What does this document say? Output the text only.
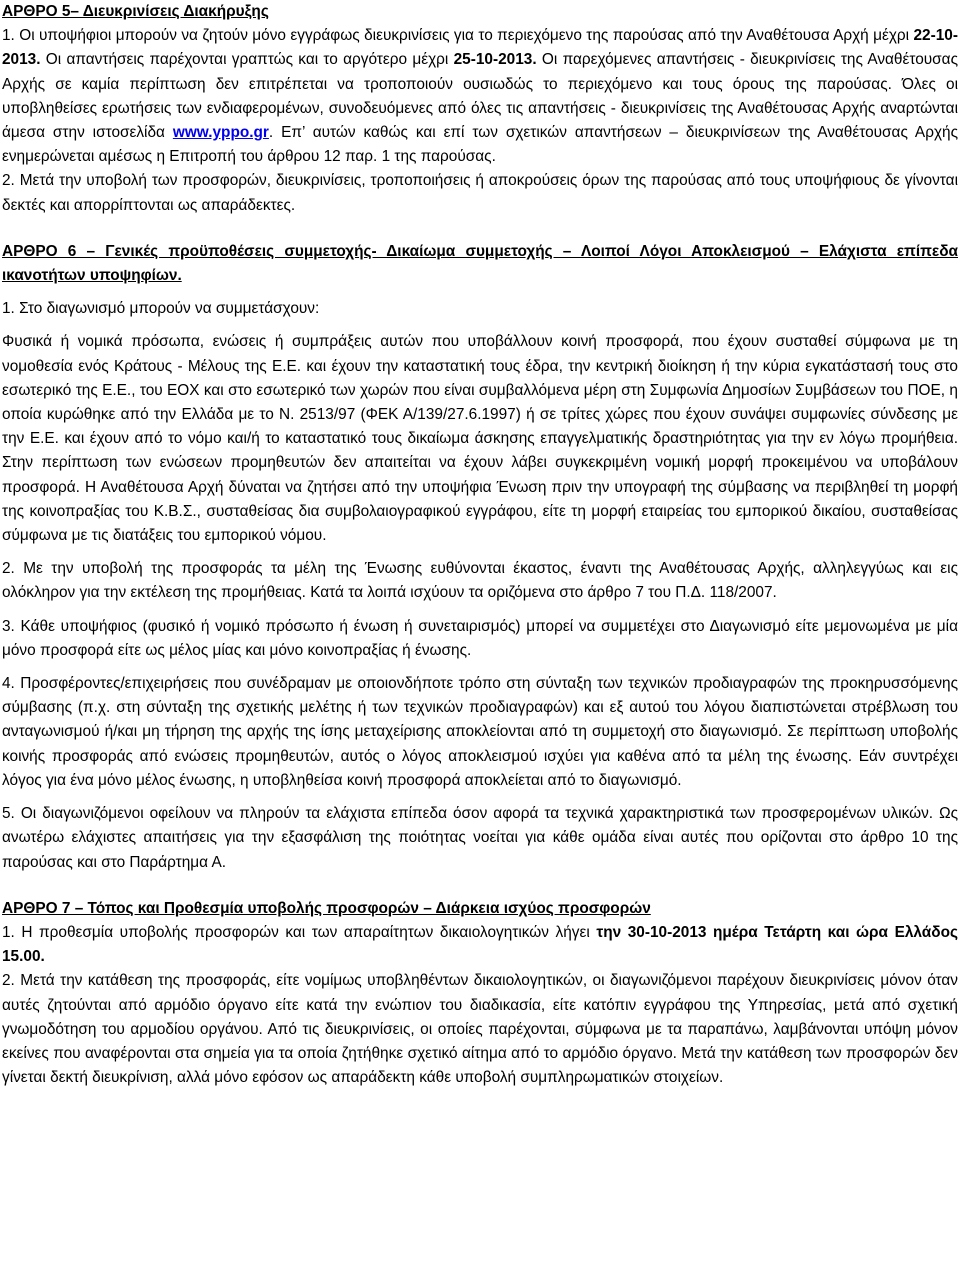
ΑΡΘΡΟ 5– Διευκρινίσεις Διακήρυξης

1. Οι υποψήφιοι μπορούν να ζητούν μόνο εγγράφως διευκρινίσεις για το περιεχόμενο της παρούσας από την Αναθέτουσα Αρχή μέχρι 22-10-2013. Οι απαντήσεις παρέχονται γραπτώς και το αργότερο μέχρι 25-10-2013. Οι παρεχόμενες απαντήσεις - διευκρινίσεις της Αναθέτουσας Αρχής σε καμία περίπτωση δεν επιτρέπεται να τροποποιούν ουσιωδώς το περιεχόμενο και τους όρους της παρούσας. Όλες οι υποβληθείσες ερωτήσεις των ενδιαφερομένων, συνοδευόμενες από όλες τις απαντήσεις - διευκρινίσεις της Αναθέτουσας Αρχής αναρτώνται άμεσα στην ιστοσελίδα www.yppo.gr. Επ’ αυτών καθώς και επί των σχετικών απαντήσεων – διευκρινίσεων της Αναθέτουσας Αρχής ενημερώνεται αμέσως η Επιτροπή του άρθρου 12 παρ. 1 της παρούσας.

2. Μετά την υποβολή των προσφορών, διευκρινίσεις, τροποποιήσεις ή αποκρούσεις όρων της παρούσας από τους υποψήφιους δε γίνονται δεκτές και απορρίπτονται ως απαράδεκτες.

ΑΡΘΡΟ 6 – Γενικές προϋποθέσεις συμμετοχής- Δικαίωμα συμμετοχής – Λοιποί Λόγοι Αποκλεισμού – Ελάχιστα επίπεδα ικανοτήτων υποψηφίων.

1. Στο διαγωνισμό μπορούν να συμμετάσχουν:

Φυσικά ή νομικά πρόσωπα, ενώσεις ή συμπράξεις αυτών που υποβάλλουν κοινή προσφορά, που έχουν συσταθεί σύμφωνα με τη νομοθεσία ενός Κράτους - Μέλους της Ε.Ε. και έχουν την καταστατική τους έδρα, την κεντρική διοίκηση ή την κύρια εγκατάστασή τους στο εσωτερικό της Ε.Ε., του ΕΟΧ και στο εσωτερικό των χωρών που είναι συμβαλλόμενα μέρη στη Συμφωνία Δημοσίων Συμβάσεων του ΠΟΕ, η οποία κυρώθηκε από την Ελλάδα με το Ν. 2513/97 (ΦΕΚ Α/139/27.6.1997) ή σε τρίτες χώρες που έχουν συνάψει συμφωνίες σύνδεσης με την Ε.Ε. και έχουν από το νόμο και/ή το καταστατικό τους δικαίωμα άσκησης επαγγελματικής δραστηριότητας για την εν λόγω προμήθεια. Στην περίπτωση των ενώσεων προμηθευτών δεν απαιτείται να έχουν λάβει συγκεκριμένη νομική μορφή προκειμένου να υποβάλουν προσφορά. Η Αναθέτουσα Αρχή δύναται να ζητήσει από την υποψήφια Ένωση πριν την υπογραφή της σύμβασης να περιβληθεί τη μορφή της κοινοπραξίας του Κ.Β.Σ., συσταθείσας δια συμβολαιογραφικού εγγράφου, είτε τη μορφή εταιρείας του εμπορικού δικαίου, συσταθείσας σύμφωνα με τις διατάξεις του εμπορικού νόμου.

2. Με την υποβολή της προσφοράς τα μέλη της Ένωσης ευθύνονται έκαστος, έναντι της Αναθέτουσας Αρχής, αλληλεγγύως και εις ολόκληρον για την εκτέλεση της προμήθειας. Κατά τα λοιπά ισχύουν τα οριζόμενα στο άρθρο 7 του Π.Δ. 118/2007.

3. Κάθε υποψήφιος (φυσικό ή νομικό πρόσωπο ή ένωση ή συνεταιρισμός) μπορεί να συμμετέχει στο Διαγωνισμό είτε μεμονωμένα με μία μόνο προσφορά είτε ως μέλος μίας και μόνο κοινοπραξίας ή ένωσης.

4. Προσφέροντες/επιχειρήσεις που συνέδραμαν με οποιονδήποτε τρόπο στη σύνταξη των τεχνικών προδιαγραφών της προκηρυσσόμενης σύμβασης (π.χ. στη σύνταξη της σχετικής μελέτης ή των τεχνικών προδιαγραφών) και εξ αυτού του λόγου διαπιστώνεται στρέβλωση του ανταγωνισμού ή/και μη τήρηση της αρχής της ίσης μεταχείρισης αποκλείονται από τη συμμετοχή στο διαγωνισμό. Σε περίπτωση υποβολής κοινής προσφοράς από ενώσεις προμηθευτών, αυτός ο λόγος αποκλεισμού ισχύει για καθένα από τα μέλη της ένωσης. Εάν συντρέχει λόγος για ένα μόνο μέλος ένωσης, η υποβληθείσα κοινή προσφορά αποκλείεται από το διαγωνισμό.

5. Οι διαγωνιζόμενοι οφείλουν να πληρούν τα ελάχιστα επίπεδα όσον αφορά τα τεχνικά χαρακτηριστικά των προσφερομένων υλικών. Ως ανωτέρω ελάχιστες απαιτήσεις για την εξασφάλιση της ποιότητας νοείται για κάθε ομάδα είναι αυτές που ορίζονται στο άρθρο 10 της παρούσας και στο Παράρτημα Α.

ΑΡΘΡΟ 7 – Τόπος και Προθεσμία υποβολής προσφορών – Διάρκεια ισχύος προσφορών

1. Η προθεσμία υποβολής προσφορών και των απαραίτητων δικαιολογητικών λήγει την 30-10-2013 ημέρα Τετάρτη και ώρα Ελλάδος 15.00.

2. Μετά την κατάθεση της προσφοράς, είτε νομίμως υποβληθέντων δικαιολογητικών, οι διαγωνιζόμενοι παρέχουν διευκρινίσεις μόνον όταν αυτές ζητούνται από αρμόδιο όργανο είτε κατά την ενώπιον του διαδικασία, είτε κατόπιν εγγράφου της Υπηρεσίας, μετά από σχετική γνωμοδότηση του αρμοδίου οργάνου. Από τις διευκρινίσεις, οι οποίες παρέχονται, σύμφωνα με τα παραπάνω, λαμβάνονται υπόψη μόνον εκείνες που αναφέρονται στα σημεία για τα οποία ζητήθηκε σχετικό αίτημα από το αρμόδιο όργανο. Μετά την κατάθεση των προσφορών δεν γίνεται δεκτή διευκρίνιση, αλλά μόνο εφόσον ως απαράδεκτη κάθε υποβολή συμπληρωματικών στοιχείων.
